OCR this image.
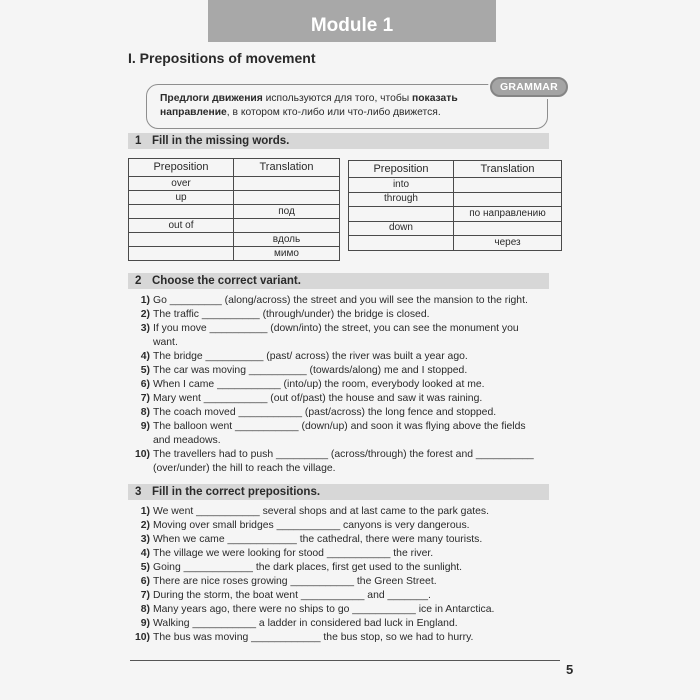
Module 1
I. Prepositions of movement
Предлоги движения используются для того, чтобы показать
направление, в котором кто-либо или что-либо движется.
GRAMMAR
1 Fill in the missing words.
Preposition	Translation
over	
up	
	под
out of	
	вдоль
	мимо
Preposition	Translation
into	
through	
	по направлению
down	
	через
2 Choose the correct variant.
1) Go _________ (along/across) the street and you will see the mansion to the right.
2) The traffic __________ (through/under) the bridge is closed.
3) If you move __________ (down/into) the street, you can see the monument you
want.
4) The bridge __________ (past/ across) the river was built a year ago.
5) The car was moving __________ (towards/along) me and I stopped.
6) When I came ___________ (into/up) the room, everybody looked at me.
7) Mary went ___________ (out of/past) the house and saw it was raining.
8) The coach moved ___________ (past/across) the long fence and stopped.
9) The balloon went ___________ (down/up) and soon it was flying above the fields
and meadows.
10) The travellers had to push _________ (across/through) the forest and __________
(over/under) the hill to reach the village.
3 Fill in the correct prepositions.
1) We went ___________ several shops and at last came to the park gates.
2) Moving over small bridges ___________ canyons is very dangerous.
3) When we came ____________ the cathedral, there were many tourists.
4) The village we were looking for stood ___________ the river.
5) Going ____________ the dark places, first get used to the sunlight.
6) There are nice roses growing ___________ the Green Street.
7) During the storm, the boat went ___________ and _______.
8) Many years ago, there were no ships to go ___________ ice in Antarctica.
9) Walking ___________ a ladder in considered bad luck in England.
10) The bus was moving ____________ the bus stop, so we had to hurry.
5
